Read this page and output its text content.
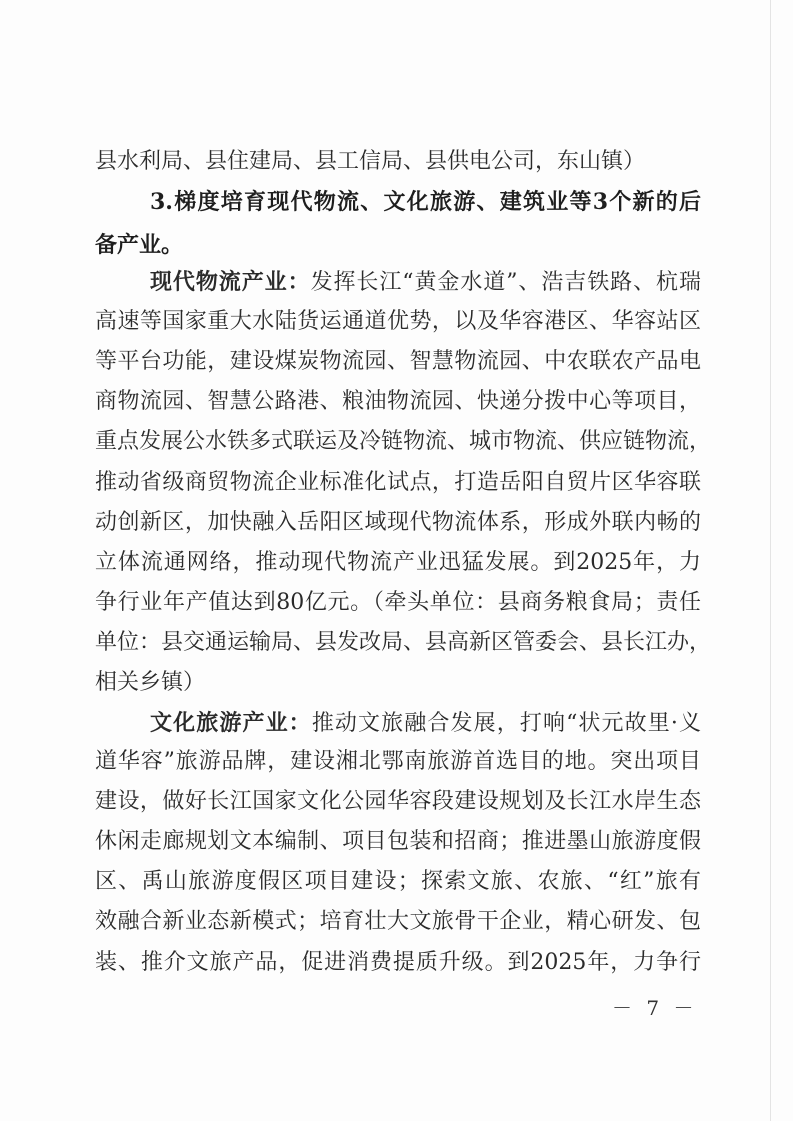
县水利局、县住建局、县工信局、县供电公司，东山镇）
3.梯度培育现代物流、文化旅游、建筑业等3个新的后
备产业。
现代物流产业：发挥长江“黄金水道”、浩吉铁路、杭瑞
高速等国家重大水陆货运通道优势，以及华容港区、华容站区
等平台功能，建设煤炭物流园、智慧物流园、中农联农产品电
商物流园、智慧公路港、粮油物流园、快递分拨中心等项目，
重点发展公水铁多式联运及冷链物流、城市物流、供应链物流，
推动省级商贸物流企业标准化试点，打造岳阳自贸片区华容联
动创新区，加快融入岳阳区域现代物流体系，形成外联内畅的
立体流通网络，推动现代物流产业迅猛发展。到2025年，力
争行业年产值达到80亿元。（牵头单位：县商务粮食局；责任
单位：县交通运输局、县发改局、县高新区管委会、县长江办，
相关乡镇）
文化旅游产业：推动文旅融合发展，打响“状元故里·义
道华容”旅游品牌，建设湘北鄂南旅游首选目的地。突出项目
建设，做好长江国家文化公园华容段建设规划及长江水岸生态
休闲走廊规划文本编制、项目包装和招商；推进墨山旅游度假
区、禹山旅游度假区项目建设；探索文旅、农旅、“红”旅有
效融合新业态新模式；培育壮大文旅骨干企业，精心研发、包
装、推介文旅产品，促进消费提质升级。到2025年，力争行
－ 7 －
